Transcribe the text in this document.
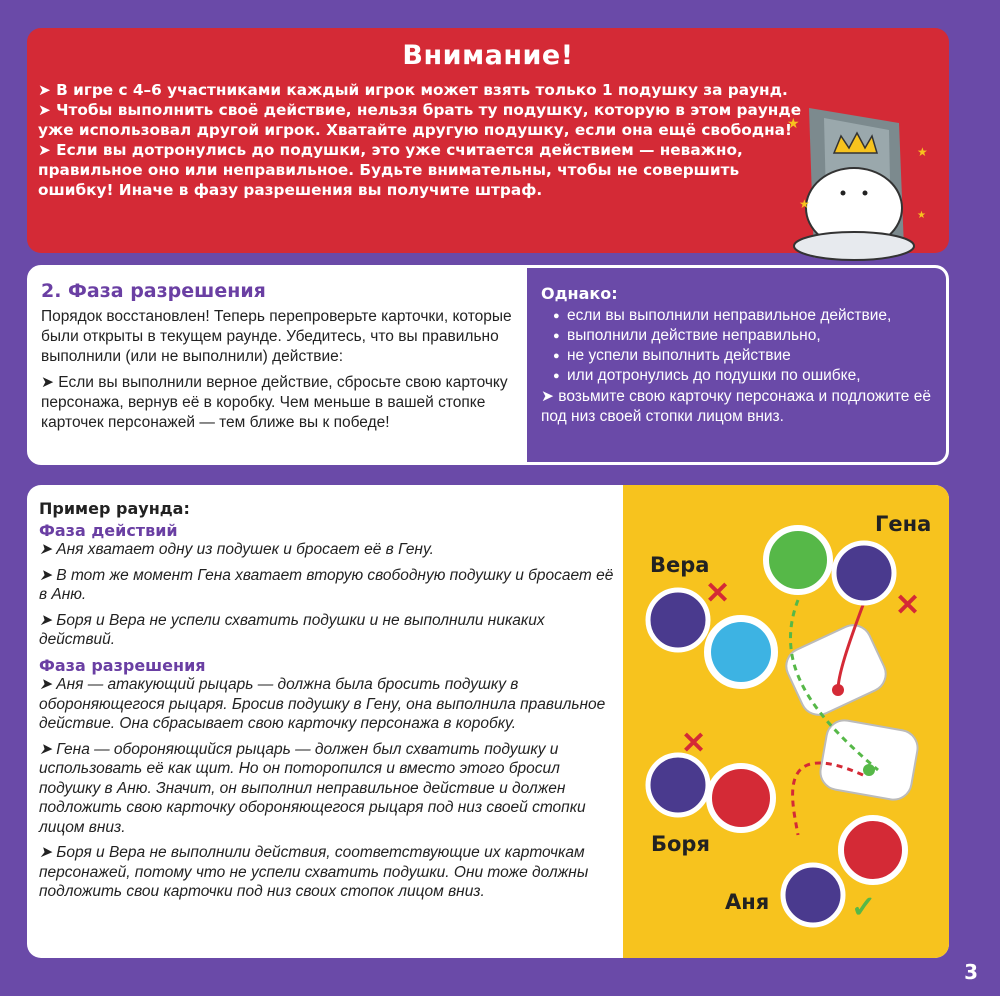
Внимание!

➤ В игре с 4–6 участниками каждый игрок может взять только 1 подушку за раунд.

➤ Чтобы выполнить своё действие, нельзя брать ту подушку, которую в этом раунде уже использовал другой игрок. Хватайте другую подушку, если она ещё свободна!

➤ Если вы дотронулись до подушки, это уже считается действием — неважно, правильное оно или неправильное. Будьте внимательны, чтобы не совершить ошибку! Иначе в фазу разрешения вы получите штраф.

★
★
★
★
2. Фаза разрешения

Порядок восстановлен! Теперь перепроверьте карточки, которые были открыты в текущем раунде. Убедитесь, что вы правильно выполнили (или не выполнили) действие:

➤ Если вы выполнили верное действие, сбросьте свою карточку персонажа, вернув её в коробку. Чем меньше в вашей стопке карточек персонажей — тем ближе вы к победе!

Однако:
● если вы выполнили неправильное действие,
● выполнили действие неправильно,
● не успели выполнить действие
● или дотронулись до подушки по ошибке,

➤ возьмите свою карточку персонажа и подложите её под низ своей стопки лицом вниз.

Пример раунда:
Фаза действий

➤ Аня хватает одну из подушек и бросает её в Гену.

➤ В тот же момент Гена хватает вторую свободную подушку и бросает её в Аню.

➤ Боря и Вера не успели схватить подушки и не выполнили никаких действий.

Фаза разрешения

➤ Аня — атакующий рыцарь — должна была бросить подушку в обороняющегося рыцаря. Бросив подушку в Гену, она выполнила правильное действие. Она сбрасывает свою карточку персонажа в коробку.

➤ Гена — обороняющийся рыцарь — должен был схватить подушку и использовать её как щит. Но он поторопился и вместо этого бросил подушку в Аню. Значит, он выполнил неправильное действие и должен подложить свою карточку обороняющегося рыцаря под низ своей стопки лицом вниз.

➤ Боря и Вера не выполнили действия, соответствующие их карточкам персонажей, потому что не успели схватить подушки. Они тоже должны подложить свои карточки под низ своих стопок лицом вниз.

✕	✕
✕
✓
Гена
Вера
Боря
Аня
3
